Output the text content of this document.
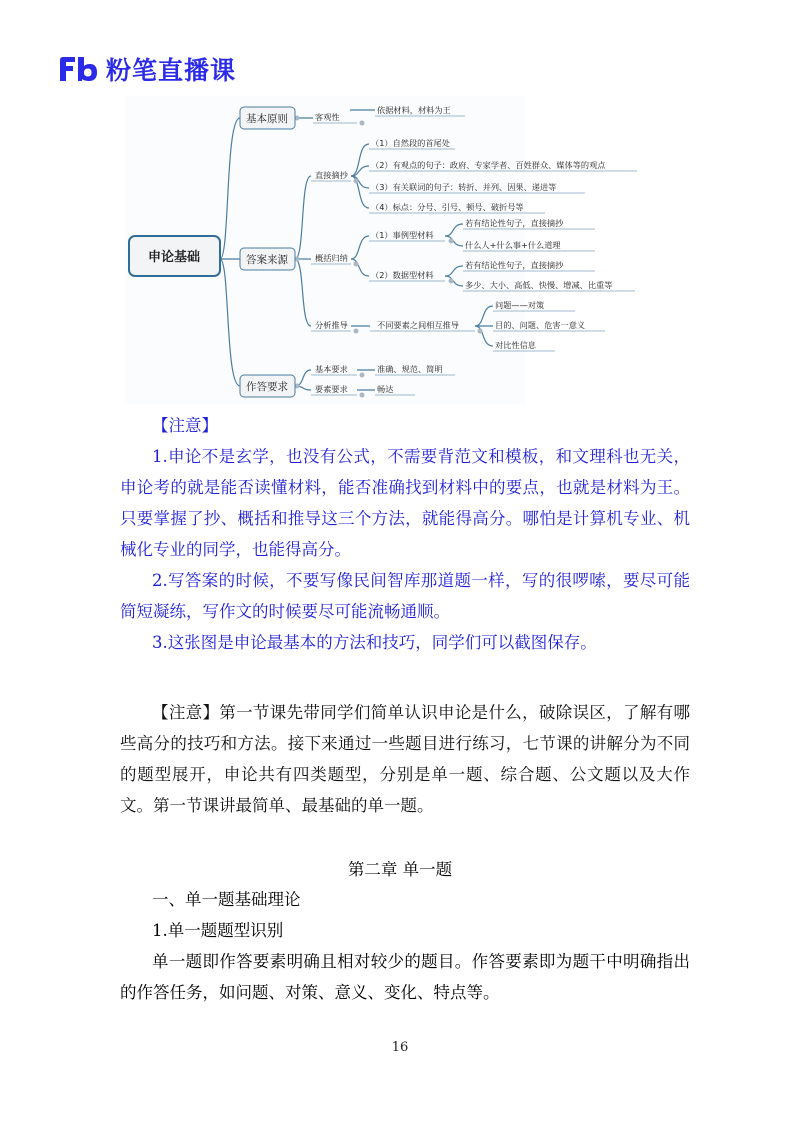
粉笔直播课
申论基础
基本原则
答案来源
作答要求
客观性
依据材料，材料为王
直接摘抄
（1）自然段的首尾处
（2）有观点的句子：政府、专家学者、百姓群众、媒体等的观点
（3）有关联词的句子：转折、并列、因果、递进等
（4）标点：分号、引号、顿号、破折号等
概括归纳
（1）事例型材料
若有结论性句子，直接摘抄
什么人+什么事+什么道理
（2）数据型材料
若有结论性句子，直接摘抄
多少、大小、高低、快慢、增减、比重等
分析推导	不同要素之间相互推导
问题——对策
目的、问题、危害一意义
对比性信息
基本要求	准确、规范、简明
要素要求	畅达

【注意】

1.申论不是玄学，也没有公式，不需要背范文和模板，和文理科也无关，申论考的就是能否读懂材料，能否准确找到材料中的要点，也就是材料为王。只要掌握了抄、概括和推导这三个方法，就能得高分。哪怕是计算机专业、机械化专业的同学，也能得高分。

2.写答案的时候，不要写像民间智库那道题一样，写的很啰嗦，要尽可能简短凝练，写作文的时候要尽可能流畅通顺。

3.这张图是申论最基本的方法和技巧，同学们可以截图保存。

【注意】第一节课先带同学们简单认识申论是什么，破除误区，了解有哪些高分的技巧和方法。接下来通过一些题目进行练习，七节课的讲解分为不同的题型展开，申论共有四类题型，分别是单一题、综合题、公文题以及大作文。第一节课讲最简单、最基础的单一题。

第二章 单一题
一、单一题基础理论
1.单一题题型识别
单一题即作答要素明确且相对较少的题目。作答要素即为题干中明确指出的作答任务，如问题、对策、意义、变化、特点等。
16
